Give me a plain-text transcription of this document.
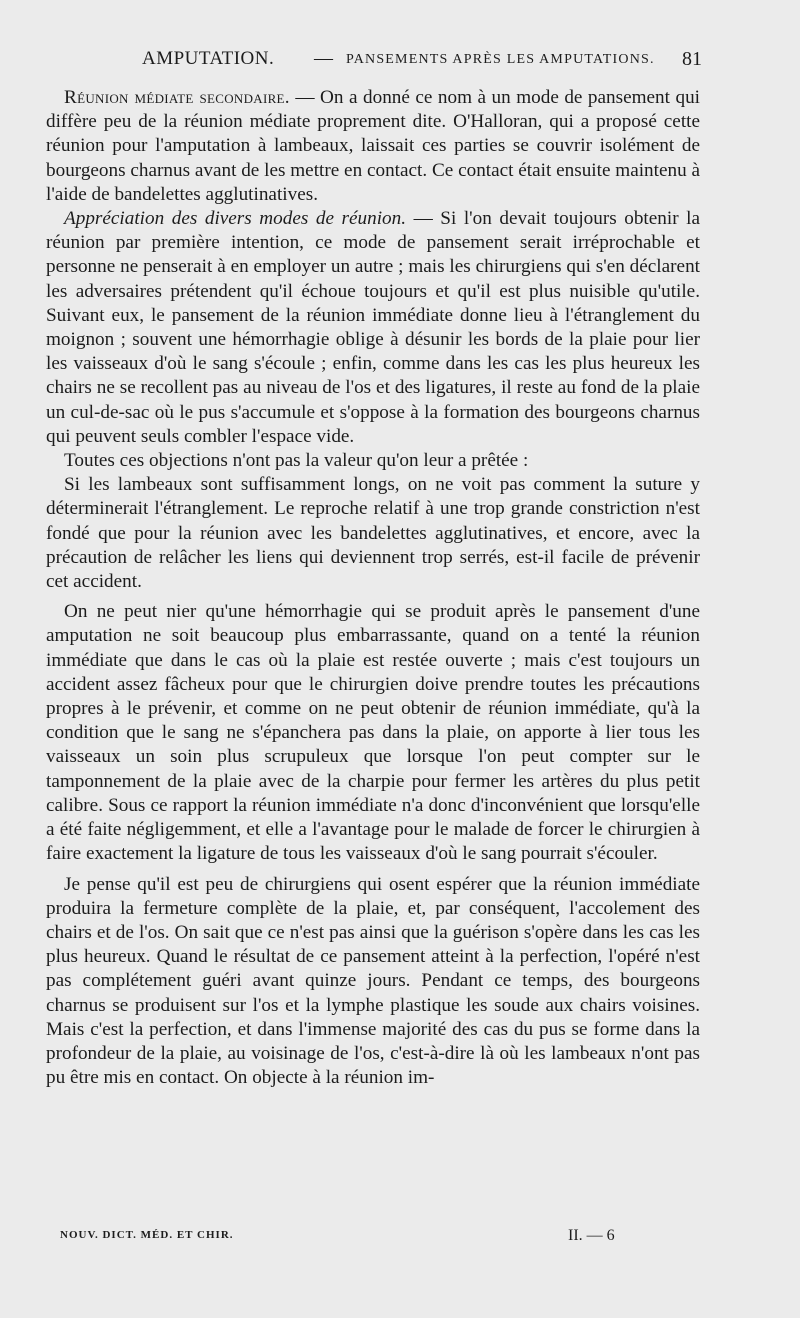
AMPUTATION. — PANSEMENTS APRÈS LES AMPUTATIONS. 81

Réunion médiate secondaire. — On a donné ce nom à un mode de pansement qui diffère peu de la réunion médiate proprement dite. O'Halloran, qui a proposé cette réunion pour l'amputation à lambeaux, laissait ces parties se couvrir isolément de bourgeons charnus avant de les mettre en contact. Ce contact était ensuite maintenu à l'aide de bandelettes agglutinatives.

Appréciation des divers modes de réunion. — Si l'on devait toujours obtenir la réunion par première intention, ce mode de pansement serait irréprochable et personne ne penserait à en employer un autre ; mais les chirurgiens qui s'en déclarent les adversaires prétendent qu'il échoue toujours et qu'il est plus nuisible qu'utile. Suivant eux, le pansement de la réunion immédiate donne lieu à l'étranglement du moignon ; souvent une hémorrhagie oblige à désunir les bords de la plaie pour lier les vaisseaux d'où le sang s'écoule ; enfin, comme dans les cas les plus heureux les chairs ne se recollent pas au niveau de l'os et des ligatures, il reste au fond de la plaie un cul-de-sac où le pus s'accumule et s'oppose à la formation des bourgeons charnus qui peuvent seuls combler l'espace vide.

Toutes ces objections n'ont pas la valeur qu'on leur a prêtée :

Si les lambeaux sont suffisamment longs, on ne voit pas comment la suture y déterminerait l'étranglement. Le reproche relatif à une trop grande constriction n'est fondé que pour la réunion avec les bandelettes agglutinatives, et encore, avec la précaution de relâcher les liens qui deviennent trop serrés, est-il facile de prévenir cet accident.

On ne peut nier qu'une hémorrhagie qui se produit après le pansement d'une amputation ne soit beaucoup plus embarrassante, quand on a tenté la réunion immédiate que dans le cas où la plaie est restée ouverte ; mais c'est toujours un accident assez fâcheux pour que le chirurgien doive prendre toutes les précautions propres à le prévenir, et comme on ne peut obtenir de réunion immédiate, qu'à la condition que le sang ne s'épanchera pas dans la plaie, on apporte à lier tous les vaisseaux un soin plus scrupuleux que lorsque l'on peut compter sur le tamponnement de la plaie avec de la charpie pour fermer les artères du plus petit calibre. Sous ce rapport la réunion immédiate n'a donc d'inconvénient que lorsqu'elle a été faite négligemment, et elle a l'avantage pour le malade de forcer le chirurgien à faire exactement la ligature de tous les vaisseaux d'où le sang pourrait s'écouler.

Je pense qu'il est peu de chirurgiens qui osent espérer que la réunion immédiate produira la fermeture complète de la plaie, et, par conséquent, l'accolement des chairs et de l'os. On sait que ce n'est pas ainsi que la guérison s'opère dans les cas les plus heureux. Quand le résultat de ce pansement atteint à la perfection, l'opéré n'est pas complétement guéri avant quinze jours. Pendant ce temps, des bourgeons charnus se produisent sur l'os et la lymphe plastique les soude aux chairs voisines. Mais c'est la perfection, et dans l'immense majorité des cas du pus se forme dans la profondeur de la plaie, au voisinage de l'os, c'est-à-dire là où les lambeaux n'ont pas pu être mis en contact. On objecte à la réunion im-

NOUV. DICT. MÉD. ET CHIR.	II. — 6
